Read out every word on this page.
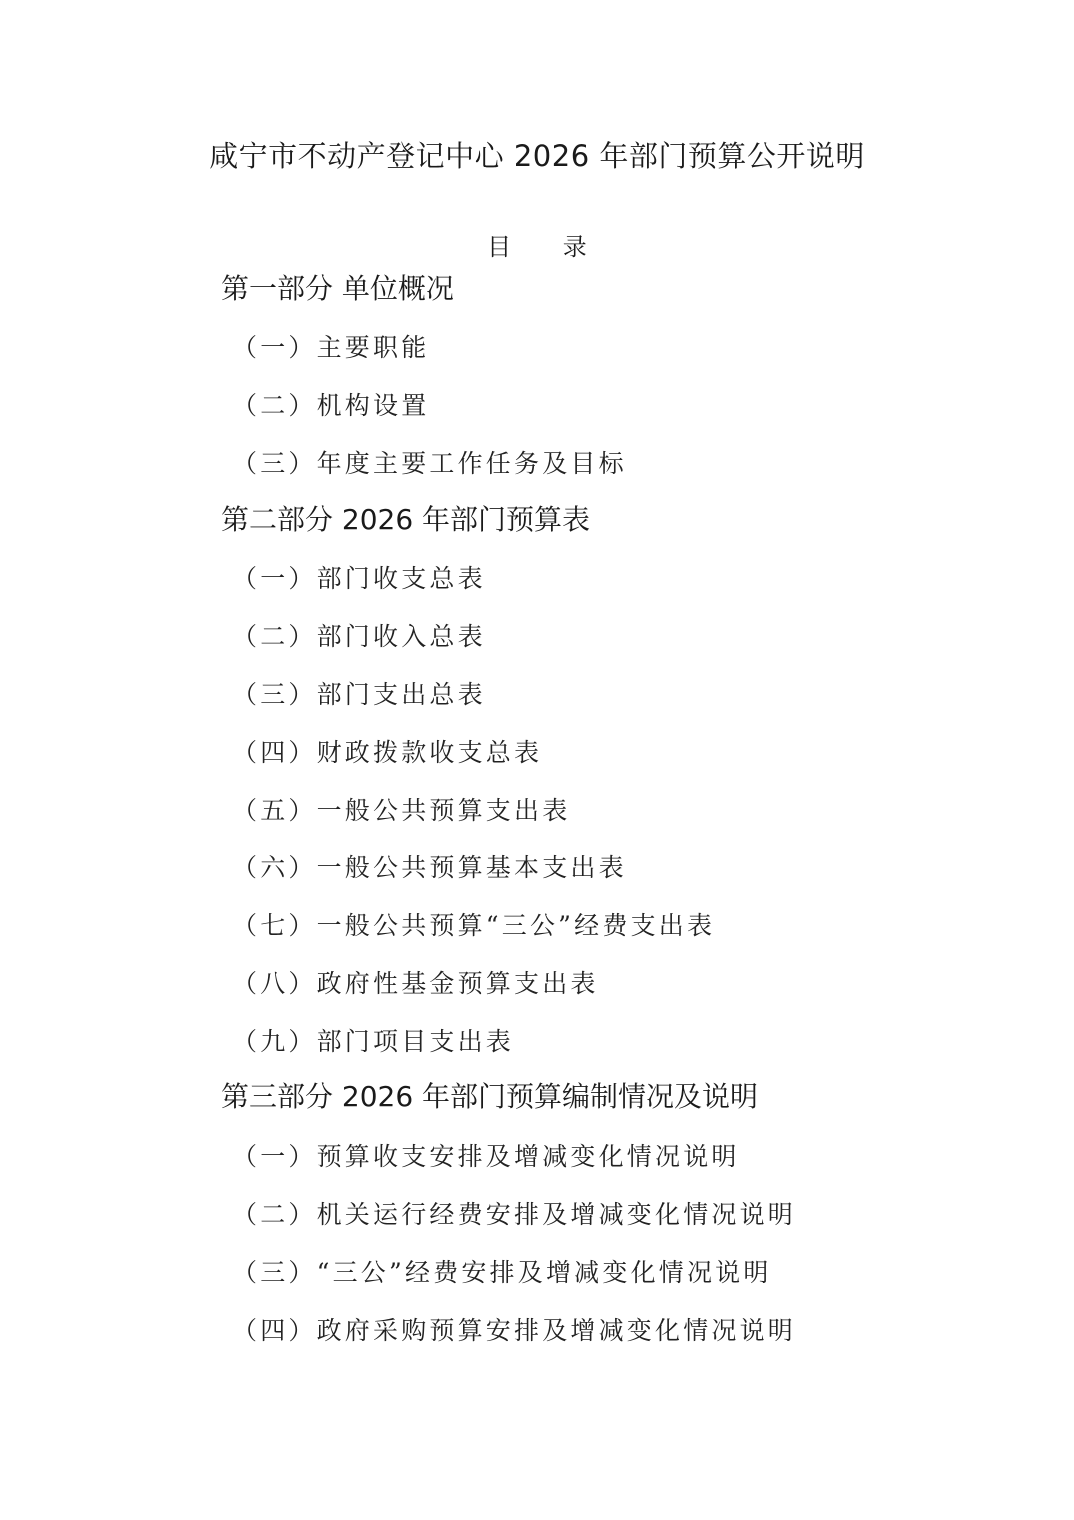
咸宁市不动产登记中心 2026 年部门预算公开说明
目 录
第一部分 单位概况
（一）主要职能
（二）机构设置
（三）年度主要工作任务及目标
第二部分 2026 年部门预算表
（一）部门收支总表
（二）部门收入总表
（三）部门支出总表
（四）财政拨款收支总表
（五）一般公共预算支出表
（六）一般公共预算基本支出表
（七）一般公共预算“三公”经费支出表
（八）政府性基金预算支出表
（九）部门项目支出表
第三部分 2026 年部门预算编制情况及说明
（一）预算收支安排及增减变化情况说明
（二）机关运行经费安排及增减变化情况说明
（三）“三公”经费安排及增减变化情况说明
（四）政府采购预算安排及增减变化情况说明
